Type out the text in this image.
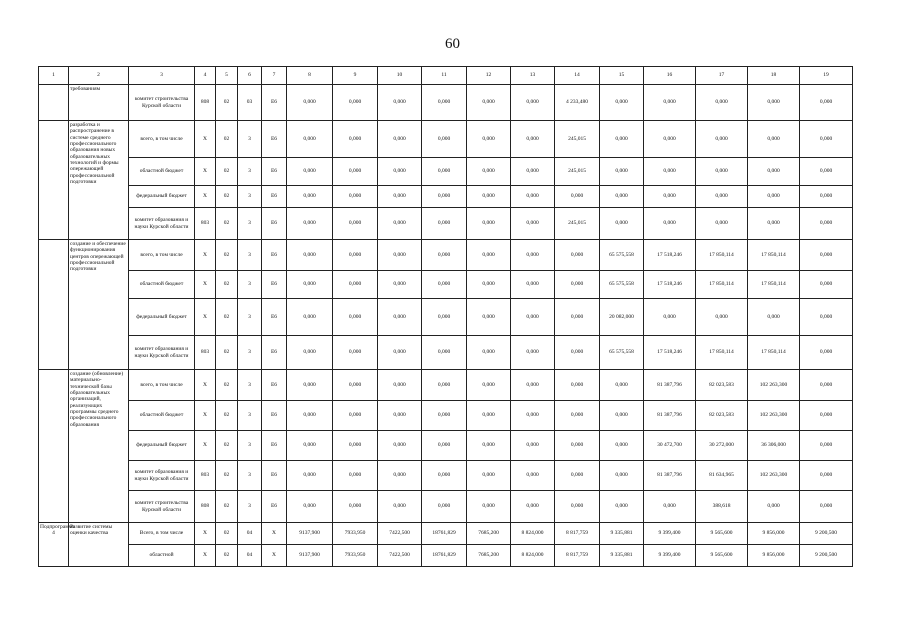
60
1	2	3	4	5	6	7	8	9	10	11	12	13	14	15	16	17	18	19
	требованиям	комитет строительства Курской области	808	02	03	Е6	0,000	0,000	0,000	0,000	0,000	0,000	4 233,480	0,000	0,000	0,000	0,000	0,000
	разработка и распространение в системе среднего профессионального образования новых образовательных технологий и формы опережающей профессиональной подготовки	всего, в том числе	Х	02	3	Е6	0,000	0,000	0,000	0,000	0,000	0,000	245,015	0,000	0,000	0,000	0,000	0,000
		областной бюджет	Х	02	3	Е6	0,000	0,000	0,000	0,000	0,000	0,000	245,015	0,000	0,000	0,000	0,000	0,000
		федеральный бюджет	Х	02	3	Е6	0,000	0,000	0,000	0,000	0,000	0,000	0,000	0,000	0,000	0,000	0,000	0,000
		комитет образования и науки Курской области	803	02	3	Е6	0,000	0,000	0,000	0,000	0,000	0,000	245,015	0,000	0,000	0,000	0,000	0,000
	создание и обеспечение функционирования центров опережающей профессиональной подготовки	всего, в том числе	Х	02	3	Е6	0,000	0,000	0,000	0,000	0,000	0,000	0,000	65 575,558	17 518,246	17 850,114	17 850,114	0,000
		областной бюджет	Х	02	3	Е6	0,000	0,000	0,000	0,000	0,000	0,000	0,000	65 575,558	17 518,246	17 850,114	17 850,114	0,000
		федеральный бюджет	Х	02	3	Е6	0,000	0,000	0,000	0,000	0,000	0,000	0,000	20 082,000	0,000	0,000	0,000	0,000
		комитет образования и науки Курской области	803	02	3	Е6	0,000	0,000	0,000	0,000	0,000	0,000	0,000	65 575,558	17 518,246	17 850,114	17 850,114	0,000
	создание (обновление) материально-технической базы образовательных организаций, реализующих программы среднего профессионального образования	всего, в том числе	Х	02	3	Е6	0,000	0,000	0,000	0,000	0,000	0,000	0,000	0,000	81 387,796	82 023,583	102 263,300	0,000
		областной бюджет	Х	02	3	Е6	0,000	0,000	0,000	0,000	0,000	0,000	0,000	0,000	81 387,796	82 023,583	102 263,300	0,000
		федеральный бюджет	Х	02	3	Е6	0,000	0,000	0,000	0,000	0,000	0,000	0,000	0,000	30 472,700	30 272,000	36 306,000	0,000
		комитет образования и науки Курской области	803	02	3	Е6	0,000	0,000	0,000	0,000	0,000	0,000	0,000	0,000	81 387,796	81 634,965	102 263,300	0,000
		комитет строительства Курской области	808	02	3	Е6	0,000	0,000	0,000	0,000	0,000	0,000	0,000	0,000	0,000	388,618	0,000	0,000
Подпрограмма 4	Развитие системы оценки качества	Всего, в том числе	Х	02	04	Х	9137,900	7933,950	7422,500	18761,829	7685,200	8 824,000	8 817,759	9 335,881	9 399,400	9 565,600	9 856,000	9 200,500
		областной	Х	02	04	Х	9137,900	7933,950	7422,500	18761,829	7685,200	8 824,000	8 817,759	9 335,881	9 399,400	9 565,600	9 856,000	9 200,500
